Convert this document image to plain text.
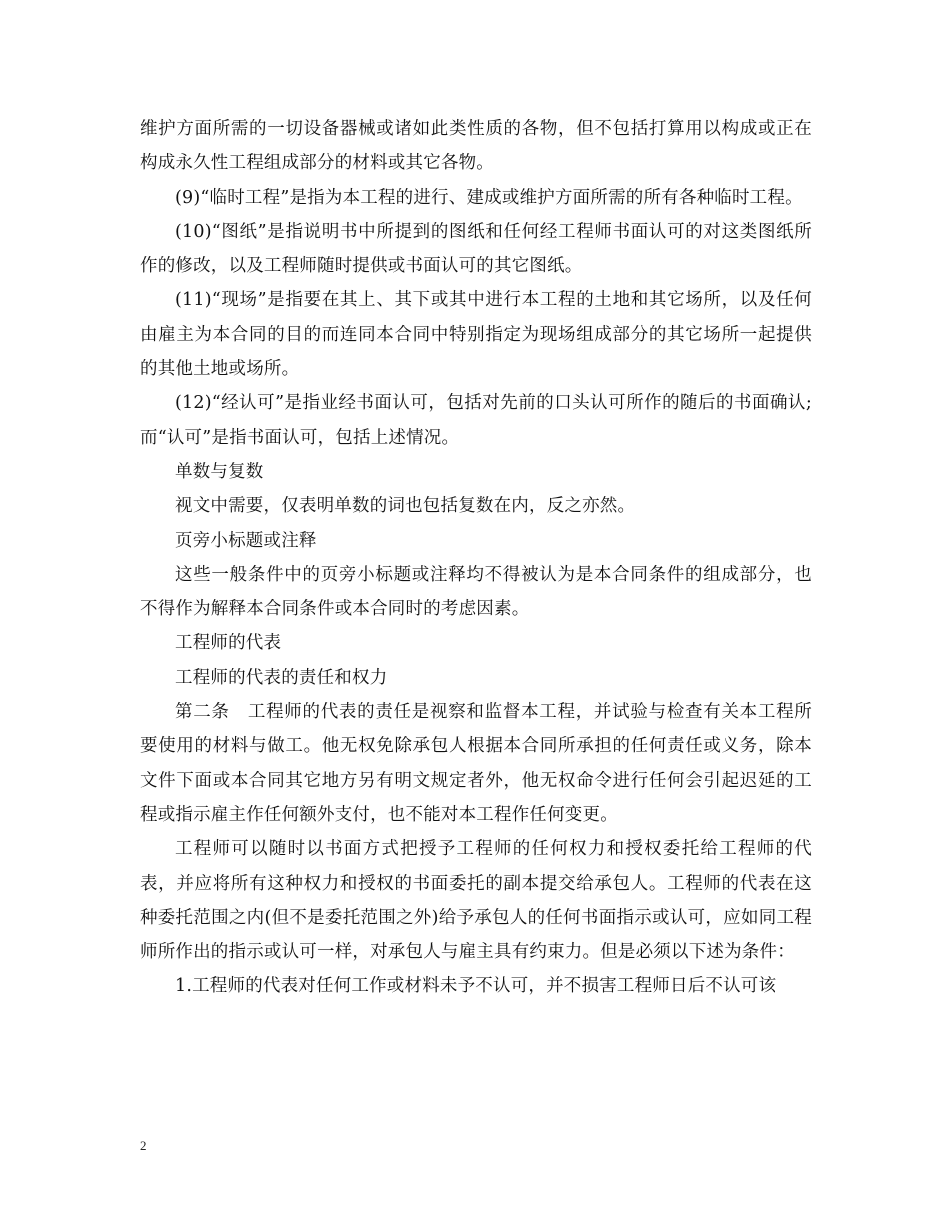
维护方面所需的一切设备器械或诸如此类性质的各物，但不包括打算用以构成或正在构成永久性工程组成部分的材料或其它各物。

(9)“临时工程”是指为本工程的进行、建成或维护方面所需的所有各种临时工程。

(10)“图纸”是指说明书中所提到的图纸和任何经工程师书面认可的对这类图纸所作的修改，以及工程师随时提供或书面认可的其它图纸。

(11)“现场”是指要在其上、其下或其中进行本工程的土地和其它场所，以及任何由雇主为本合同的目的而连同本合同中特别指定为现场组成部分的其它场所一起提供的其他土地或场所。

(12)“经认可”是指业经书面认可，包括对先前的口头认可所作的随后的书面确认;而“认可”是指书面认可，包括上述情况。

单数与复数

视文中需要，仅表明单数的词也包括复数在内，反之亦然。

页旁小标题或注释

这些一般条件中的页旁小标题或注释均不得被认为是本合同条件的组成部分，也不得作为解释本合同条件或本合同时的考虑因素。

工程师的代表

工程师的代表的责任和权力

第二条　工程师的代表的责任是视察和监督本工程，并试验与检查有关本工程所要使用的材料与做工。他无权免除承包人根据本合同所承担的任何责任或义务，除本文件下面或本合同其它地方另有明文规定者外，他无权命令进行任何会引起迟延的工程或指示雇主作任何额外支付，也不能对本工程作任何变更。

工程师可以随时以书面方式把授予工程师的任何权力和授权委托给工程师的代表，并应将所有这种权力和授权的书面委托的副本提交给承包人。工程师的代表在这种委托范围之内(但不是委托范围之外)给予承包人的任何书面指示或认可，应如同工程师所作出的指示或认可一样，对承包人与雇主具有约束力。但是必须以下述为条件：

1.工程师的代表对任何工作或材料未予不认可，并不损害工程师日后不认可该

2
